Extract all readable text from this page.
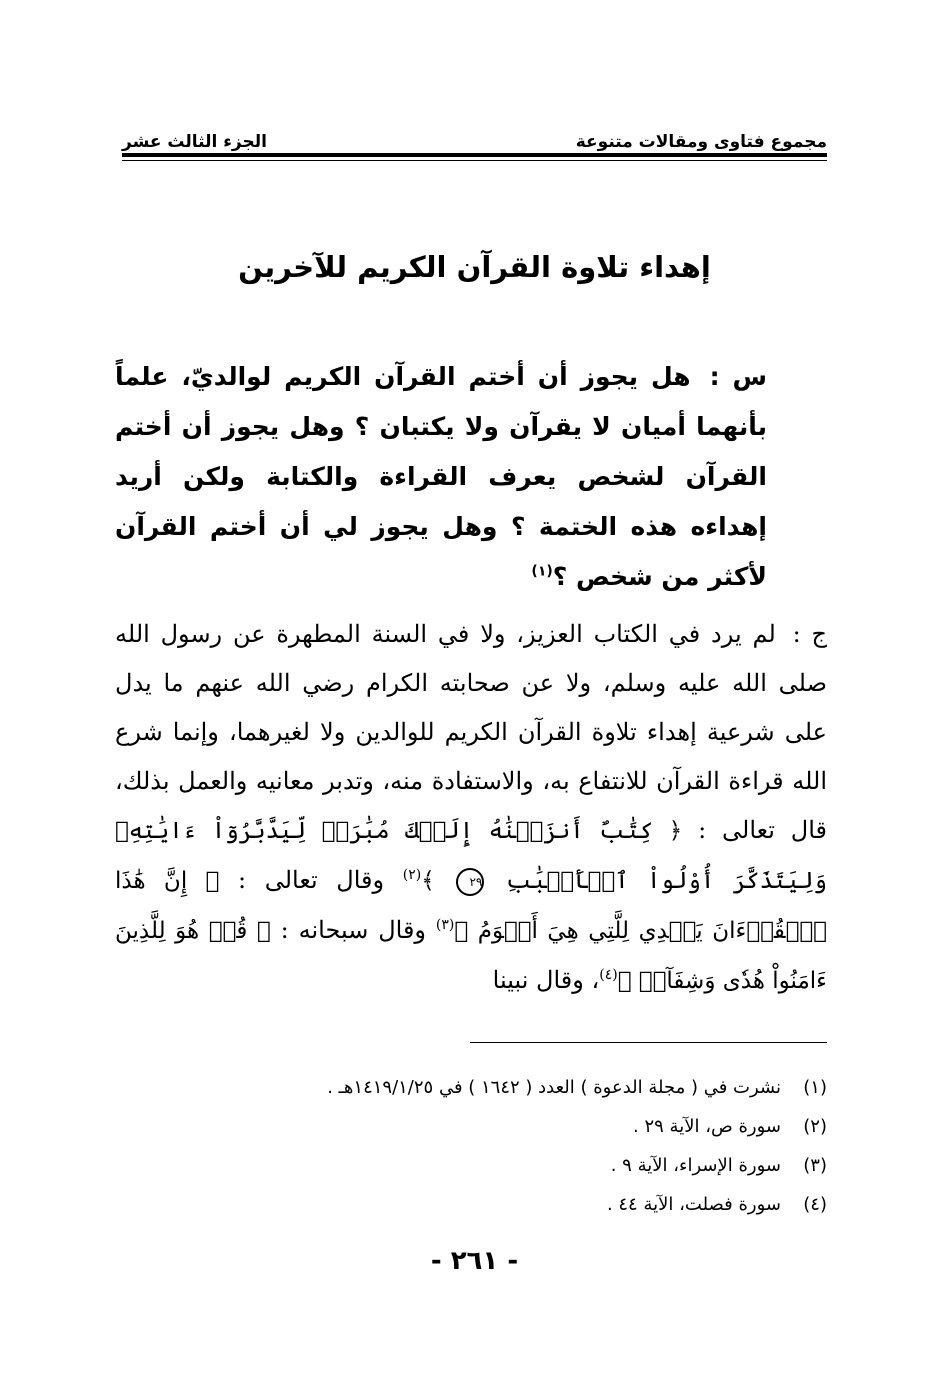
مجموع فتاوى ومقالات متنوعة
الجزء الثالث عشر
إهداء تلاوة القرآن الكريم للآخرين
س : هل يجوز أن أختم القرآن الكريم لوالديّ، علماً بأنهما أميان لا يقرآن ولا يكتبان ؟ وهل يجوز أن أختم القرآن لشخص يعرف القراءة والكتابة ولكن أريد إهداءه هذه الختمة ؟ وهل يجوز لي أن أختم القرآن لأكثر من شخص ؟$^{(١)}$
ج : لم يرد في الكتاب العزيز، ولا في السنة المطهرة عن رسول الله صلى الله عليه وسلم، ولا عن صحابته الكرام رضي الله عنهم ما يدل على شرعية إهداء تلاوة القرآن الكريم للوالدين ولا لغيرهما، وإنما شرع الله قراءة القرآن للانتفاع به، والاستفادة منه، وتدبر معانيه والعمل بذلك، قال تعالى : ﴿ كِتَٰبٌ أَنزَلۡنَٰهُ إِلَيۡكَ مُبَٰرَكٞ لِّيَدَّبَّرُوٓاْ ءَايَٰتِهِۦ وَلِيَتَذَكَّرَ أُوْلُواْ ٱلۡأَلۡبَٰبِ ٢٩ ﴾$^{(٢)}$ وقال تعالى : ﴿ إِنَّ هَٰذَا ٱلۡقُرۡءَانَ يَهۡدِي لِلَّتِي هِيَ أَقۡوَمُ ﴾$^{(٣)}$ وقال سبحانه : ﴿ قُلۡ هُوَ لِلَّذِينَ ءَامَنُواْ هُدٗى وَشِفَآءٞ ﴾$^{(٤)}$، وقال نبينا
(١)نشرت في ( مجلة الدعوة ) العدد ( ١٦٤٢ ) في ١٤١٩/١/٢٥هـ .
(٢)سورة ص، الآية ٢٩ .
(٣)سورة الإسراء، الآية ٩ .
(٤)سورة فصلت، الآية ٤٤ .
- ٢٦١ -
